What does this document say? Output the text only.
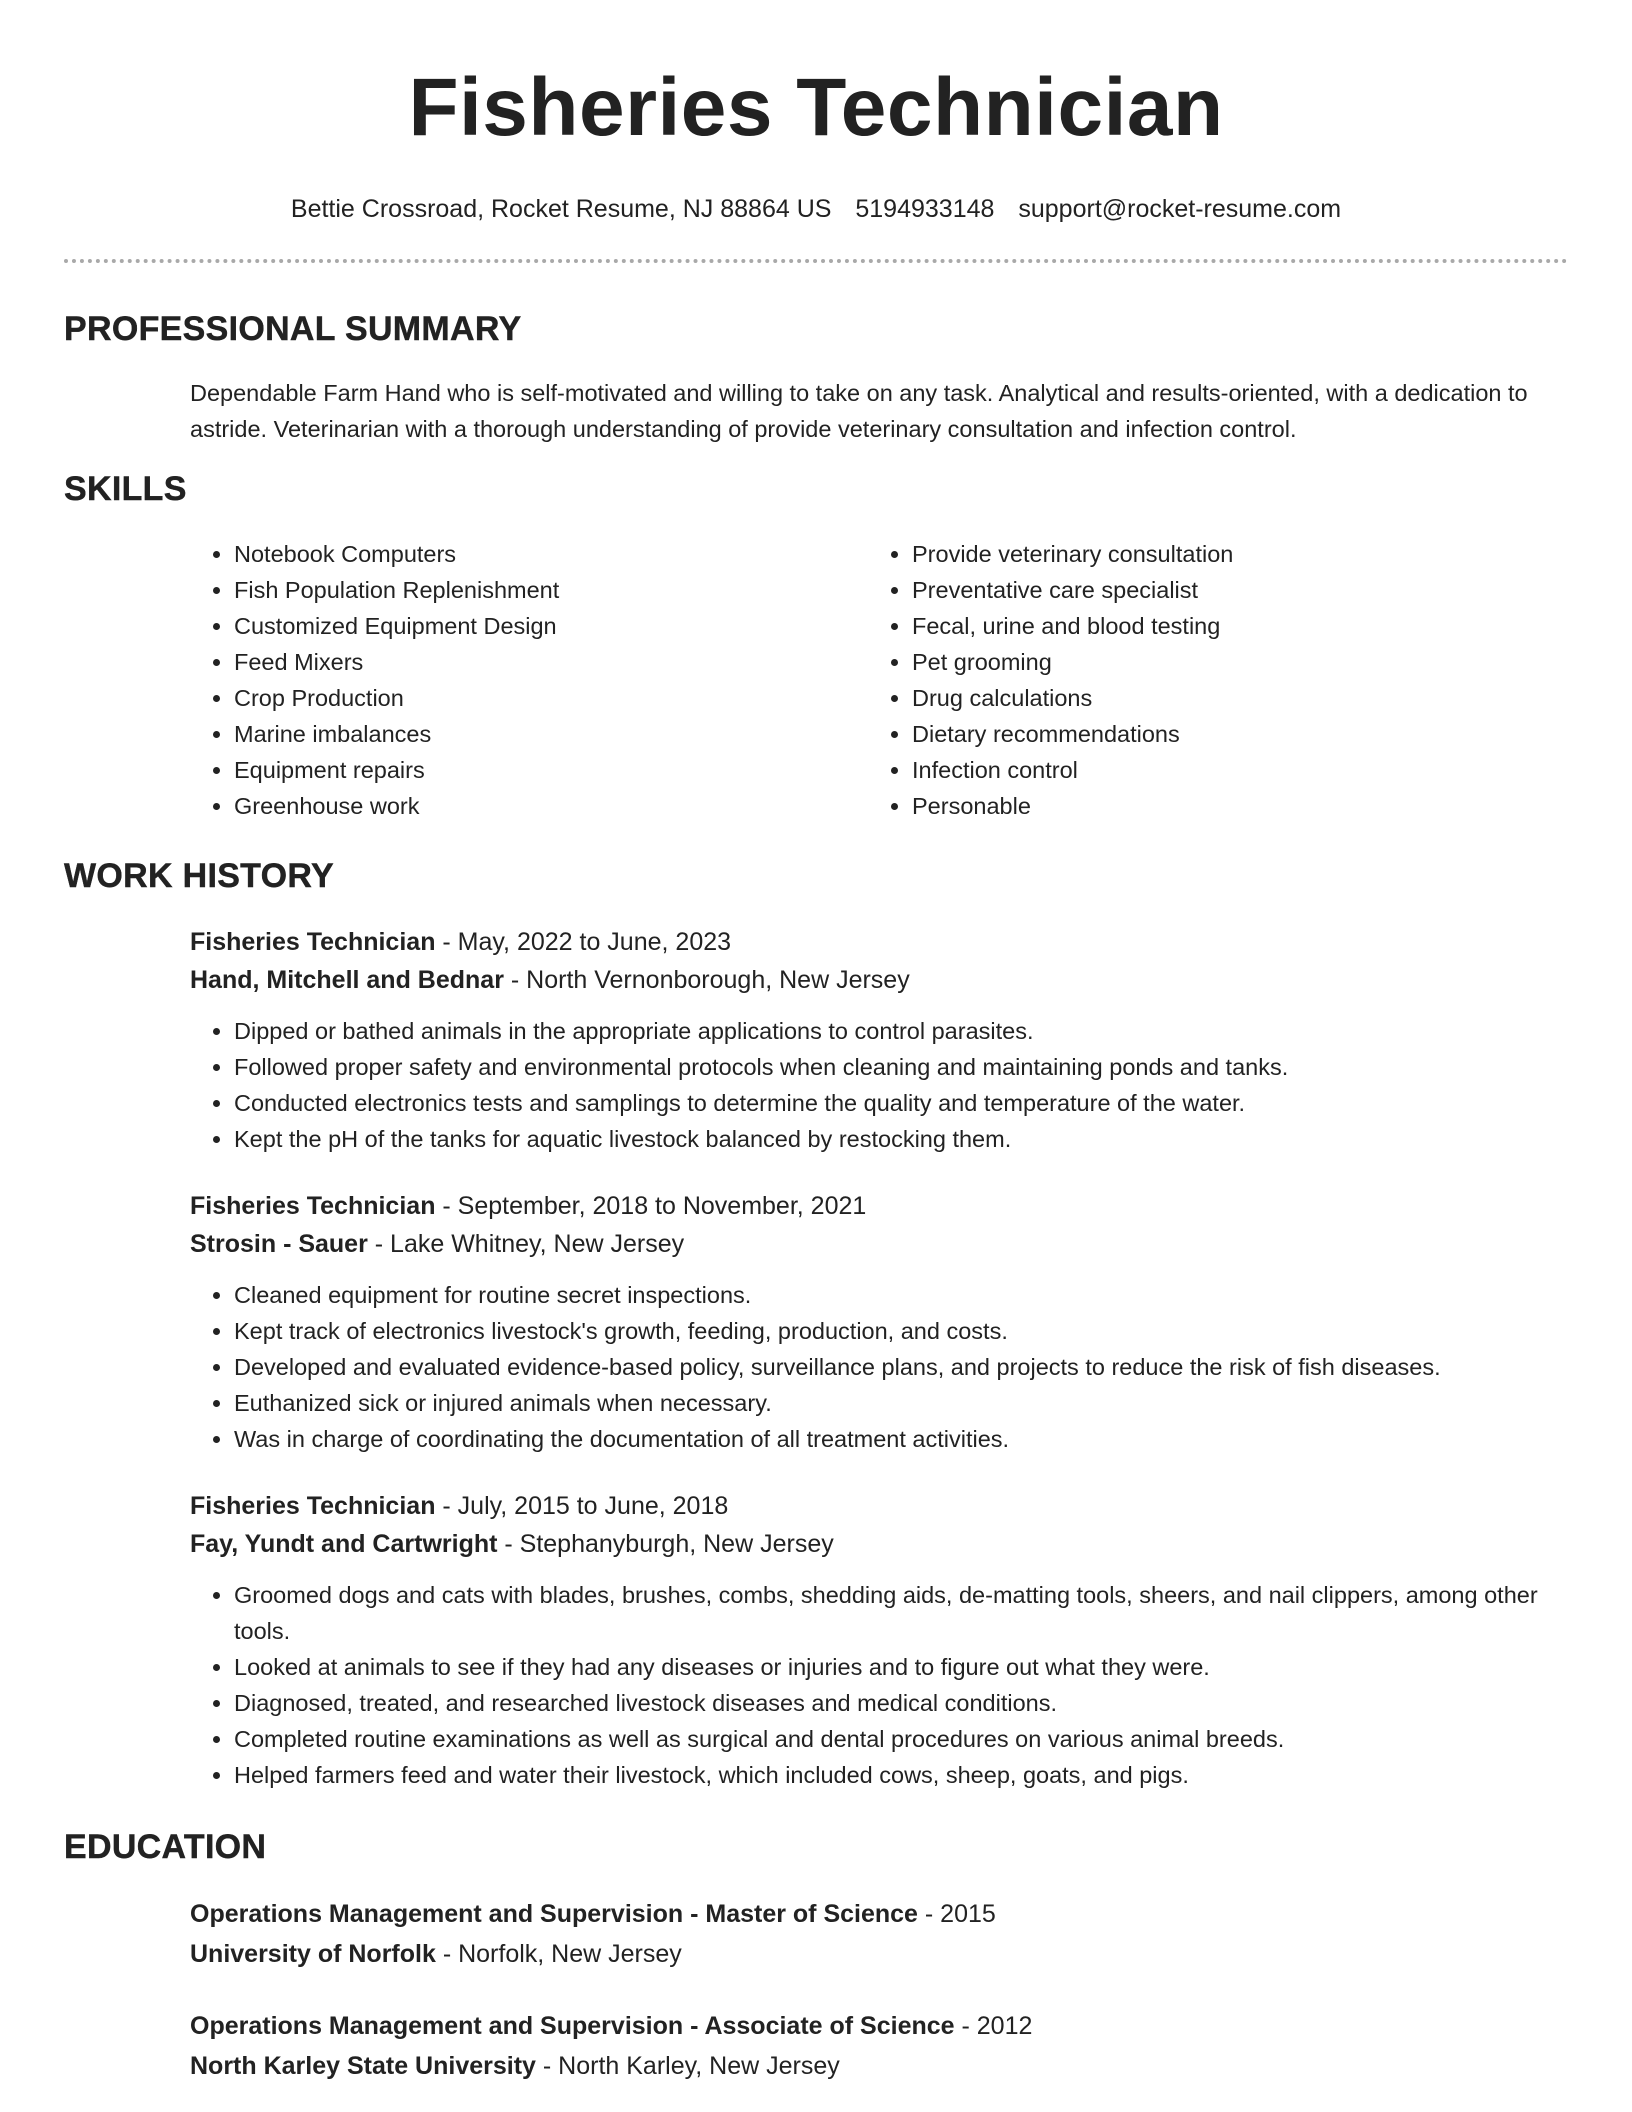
Fisheries Technician
Bettie Crossroad, Rocket Resume, NJ 88864 US 5194933148 support@rocket-resume.com
PROFESSIONAL SUMMARY

Dependable Farm Hand who is self-motivated and willing to take on any task. Analytical and results-oriented, with a dedication to astride. Veterinarian with a thorough understanding of provide veterinary consultation and infection control.

SKILLS
• Notebook Computers
• Fish Population Replenishment
• Customized Equipment Design
• Feed Mixers
• Crop Production
• Marine imbalances
• Equipment repairs
• Greenhouse work
• Provide veterinary consultation
• Preventative care specialist
• Fecal, urine and blood testing
• Pet grooming
• Drug calculations
• Dietary recommendations
• Infection control
• Personable
WORK HISTORY

Fisheries Technician - May, 2022 to June, 2023

Hand, Mitchell and Bednar - North Vernonborough, New Jersey

• Dipped or bathed animals in the appropriate applications to control parasites.
• Followed proper safety and environmental protocols when cleaning and maintaining ponds and tanks.
• Conducted electronics tests and samplings to determine the quality and temperature of the water.
• Kept the pH of the tanks for aquatic livestock balanced by restocking them.

Fisheries Technician - September, 2018 to November, 2021

Strosin - Sauer - Lake Whitney, New Jersey

• Cleaned equipment for routine secret inspections.
• Kept track of electronics livestock's growth, feeding, production, and costs.
• Developed and evaluated evidence-based policy, surveillance plans, and projects to reduce the risk of fish diseases.
• Euthanized sick or injured animals when necessary.
• Was in charge of coordinating the documentation of all treatment activities.

Fisheries Technician - July, 2015 to June, 2018

Fay, Yundt and Cartwright - Stephanyburgh, New Jersey

• Groomed dogs and cats with blades, brushes, combs, shedding aids, de-matting tools, sheers, and nail clippers, among other tools.
• Looked at animals to see if they had any diseases or injuries and to figure out what they were.
• Diagnosed, treated, and researched livestock diseases and medical conditions.
• Completed routine examinations as well as surgical and dental procedures on various animal breeds.
• Helped farmers feed and water their livestock, which included cows, sheep, goats, and pigs.
EDUCATION

Operations Management and Supervision - Master of Science - 2015

University of Norfolk - Norfolk, New Jersey

Operations Management and Supervision - Associate of Science - 2012

North Karley State University - North Karley, New Jersey
